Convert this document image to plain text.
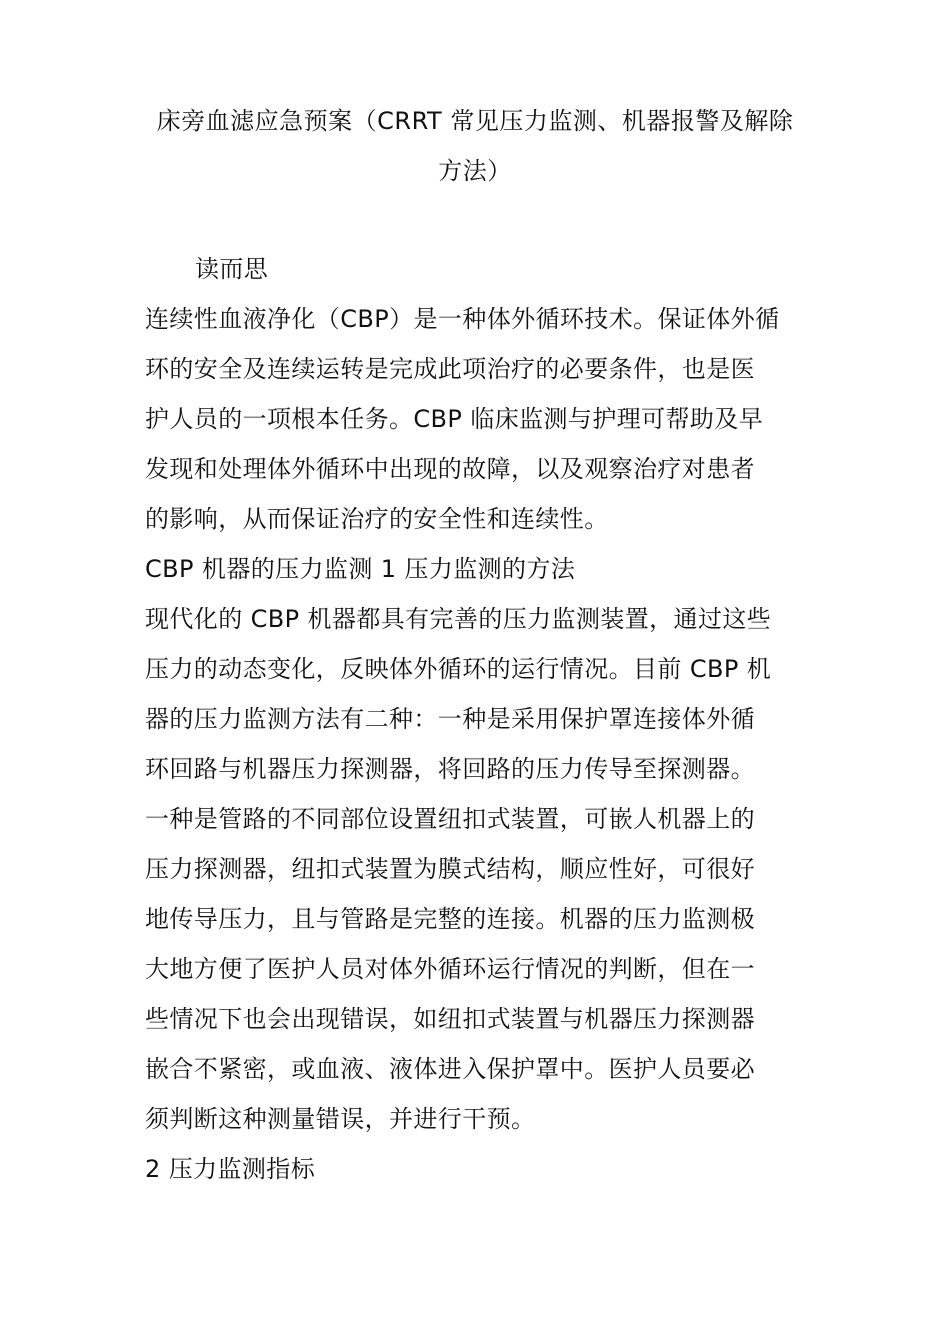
床旁血滤应急预案（CRRT 常见压力监测、机器报警及解除
方法）
读而思
连续性血液净化（CBP）是一种体外循环技术。保证体外循
环的安全及连续运转是完成此项治疗的必要条件，也是医
护人员的一项根本任务。CBP 临床监测与护理可帮助及早
发现和处理体外循环中出现的故障，以及观察治疗对患者
的影响，从而保证治疗的安全性和连续性。
CBP 机器的压力监测 1 压力监测的方法
现代化的 CBP 机器都具有完善的压力监测装置，通过这些
压力的动态变化，反映体外循环的运行情况。目前 CBP 机
器的压力监测方法有二种：一种是采用保护罩连接体外循
环回路与机器压力探测器，将回路的压力传导至探测器。
一种是管路的不同部位设置纽扣式装置，可嵌人机器上的
压力探测器，纽扣式装置为膜式结构，顺应性好，可很好
地传导压力，且与管路是完整的连接。机器的压力监测极
大地方便了医护人员对体外循环运行情况的判断，但在一
些情况下也会出现错误，如纽扣式装置与机器压力探测器
嵌合不紧密，或血液、液体进入保护罩中。医护人员要必
须判断这种测量错误，并进行干预。
2 压力监测指标
